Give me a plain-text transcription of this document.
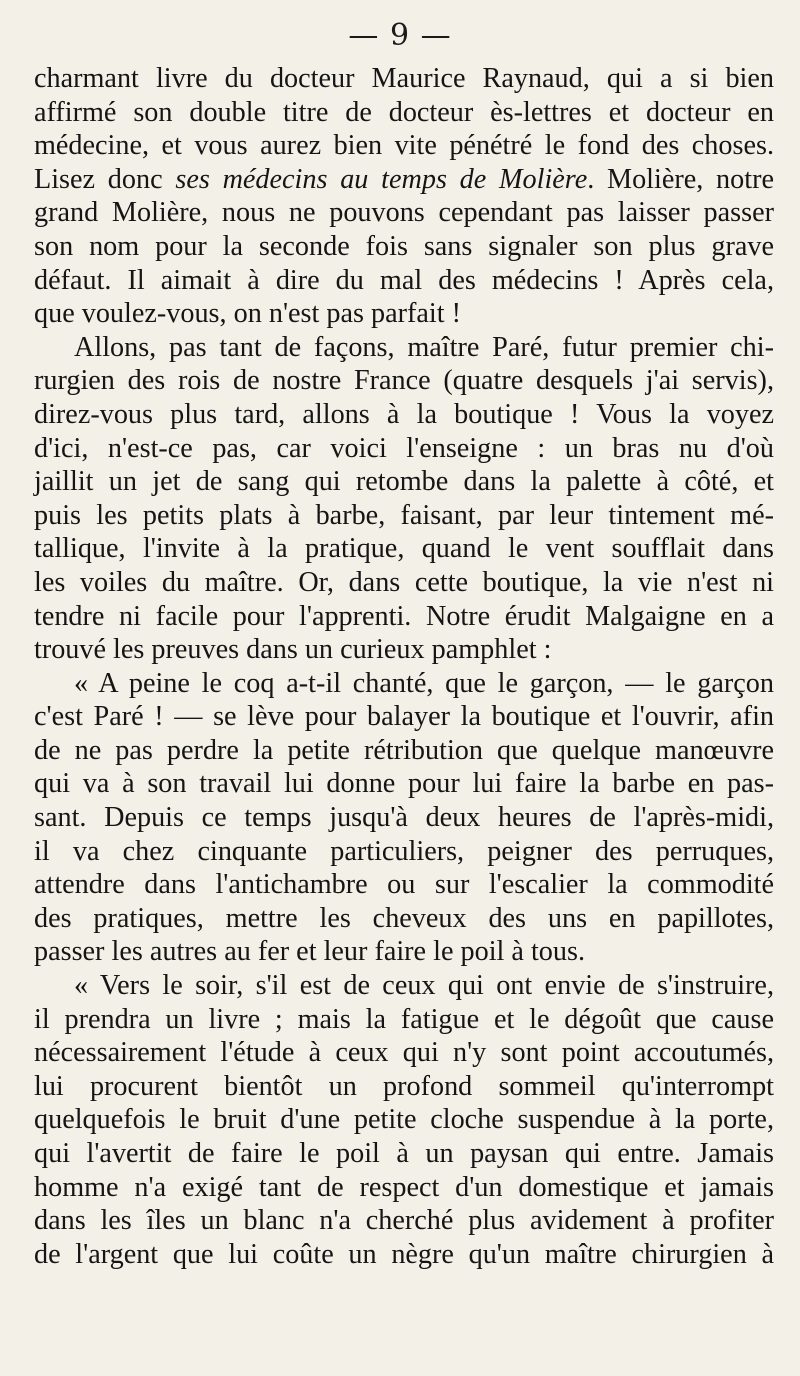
— 9 —
charmant livre du docteur Maurice Raynaud, qui a si bien
affirmé son double titre de docteur ès-lettres et docteur en
médecine, et vous aurez bien vite pénétré le fond des choses.
Lisez donc ses médecins au temps de Molière. Molière, notre
grand Molière, nous ne pouvons cependant pas laisser passer
son nom pour la seconde fois sans signaler son plus grave
défaut. Il aimait à dire du mal des médecins ! Après cela,
que voulez-vous, on n'est pas parfait !
Allons, pas tant de façons, maître Paré, futur premier chi-
rurgien des rois de nostre France (quatre desquels j'ai servis),
direz-vous plus tard, allons à la boutique ! Vous la voyez
d'ici, n'est-ce pas, car voici l'enseigne : un bras nu d'où
jaillit un jet de sang qui retombe dans la palette à côté, et
puis les petits plats à barbe, faisant, par leur tintement mé-
tallique, l'invite à la pratique, quand le vent soufflait dans
les voiles du maître. Or, dans cette boutique, la vie n'est ni
tendre ni facile pour l'apprenti. Notre érudit Malgaigne en a
trouvé les preuves dans un curieux pamphlet :
« A peine le coq a-t-il chanté, que le garçon, — le garçon
c'est Paré ! — se lève pour balayer la boutique et l'ouvrir, afin
de ne pas perdre la petite rétribution que quelque manœuvre
qui va à son travail lui donne pour lui faire la barbe en pas-
sant. Depuis ce temps jusqu'à deux heures de l'après-midi,
il va chez cinquante particuliers, peigner des perruques,
attendre dans l'antichambre ou sur l'escalier la commodité
des pratiques, mettre les cheveux des uns en papillotes,
passer les autres au fer et leur faire le poil à tous.
« Vers le soir, s'il est de ceux qui ont envie de s'instruire,
il prendra un livre ; mais la fatigue et le dégoût que cause
nécessairement l'étude à ceux qui n'y sont point accoutumés,
lui procurent bientôt un profond sommeil qu'interrompt
quelquefois le bruit d'une petite cloche suspendue à la porte,
qui l'avertit de faire le poil à un paysan qui entre. Jamais
homme n'a exigé tant de respect d'un domestique et jamais
dans les îles un blanc n'a cherché plus avidement à profiter
de l'argent que lui coûte un nègre qu'un maître chirurgien à
